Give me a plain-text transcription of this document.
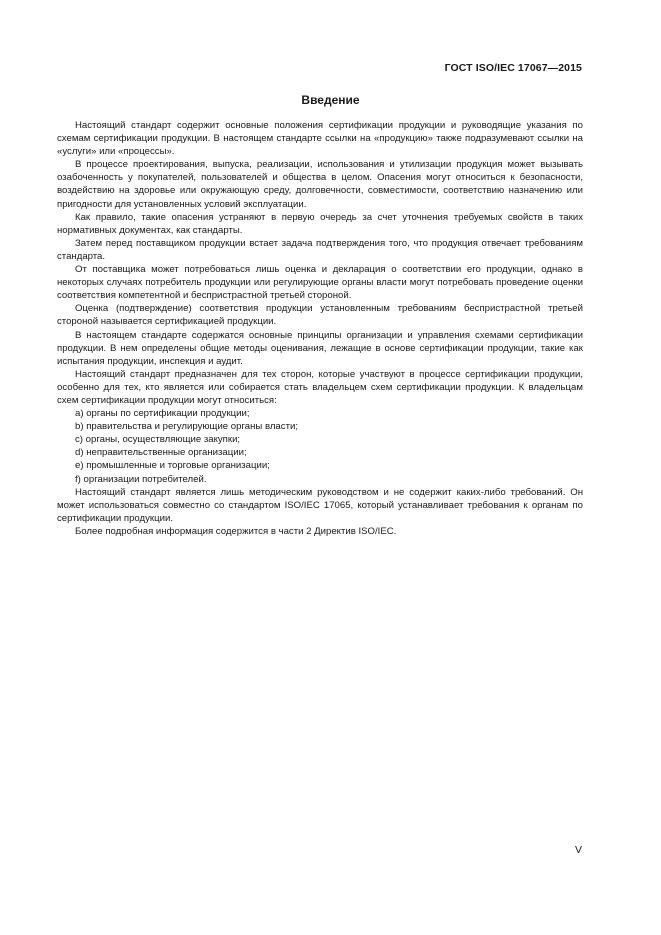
ГОСТ ISO/IEC 17067—2015
Введение

Настоящий стандарт содержит основные положения сертификации продукции и руководящие указания по схемам сертификации продукции. В настоящем стандарте ссылки на «продукцию» также подразумевают ссылки на «услуги» или «процессы».

В процессе проектирования, выпуска, реализации, использования и утилизации продукция может вызывать озабоченность у покупателей, пользователей и общества в целом. Опасения могут относиться к безопасности, воздействию на здоровье или окружающую среду, долговечности, совместимости, соответствию назначению или пригодности для установленных условий эксплуатации.

Как правило, такие опасения устраняют в первую очередь за счет уточнения требуемых свойств в таких нормативных документах, как стандарты.

Затем перед поставщиком продукции встает задача подтверждения того, что продукция отвечает требованиям стандарта.

От поставщика может потребоваться лишь оценка и декларация о соответствии его продукции, однако в некоторых случаях потребитель продукции или регулирующие органы власти могут потребовать проведение оценки соответствия компетентной и беспристрастной третьей стороной.

Оценка (подтверждение) соответствия продукции установленным требованиям беспристрастной третьей стороной называется сертификацией продукции.

В настоящем стандарте содержатся основные принципы организации и управления схемами сертификации продукции. В нем определены общие методы оценивания, лежащие в основе сертификации продукции, такие как испытания продукции, инспекция и аудит.

Настоящий стандарт предназначен для тех сторон, которые участвуют в процессе сертификации продукции, особенно для тех, кто является или собирается стать владельцем схем сертификации продукции. К владельцам схем сертификации продукции могут относиться:

a) органы по сертификации продукции;

b) правительства и регулирующие органы власти;

c) органы, осуществляющие закупки;

d) неправительственные организации;

e) промышленные и торговые организации;

f) организации потребителей.

Настоящий стандарт является лишь методическим руководством и не содержит каких-либо требований. Он может использоваться совместно со стандартом ISO/IEC 17065, который устанавливает требования к органам по сертификации продукции.

Более подробная информация содержится в части 2 Директив ISO/IEC.

V
